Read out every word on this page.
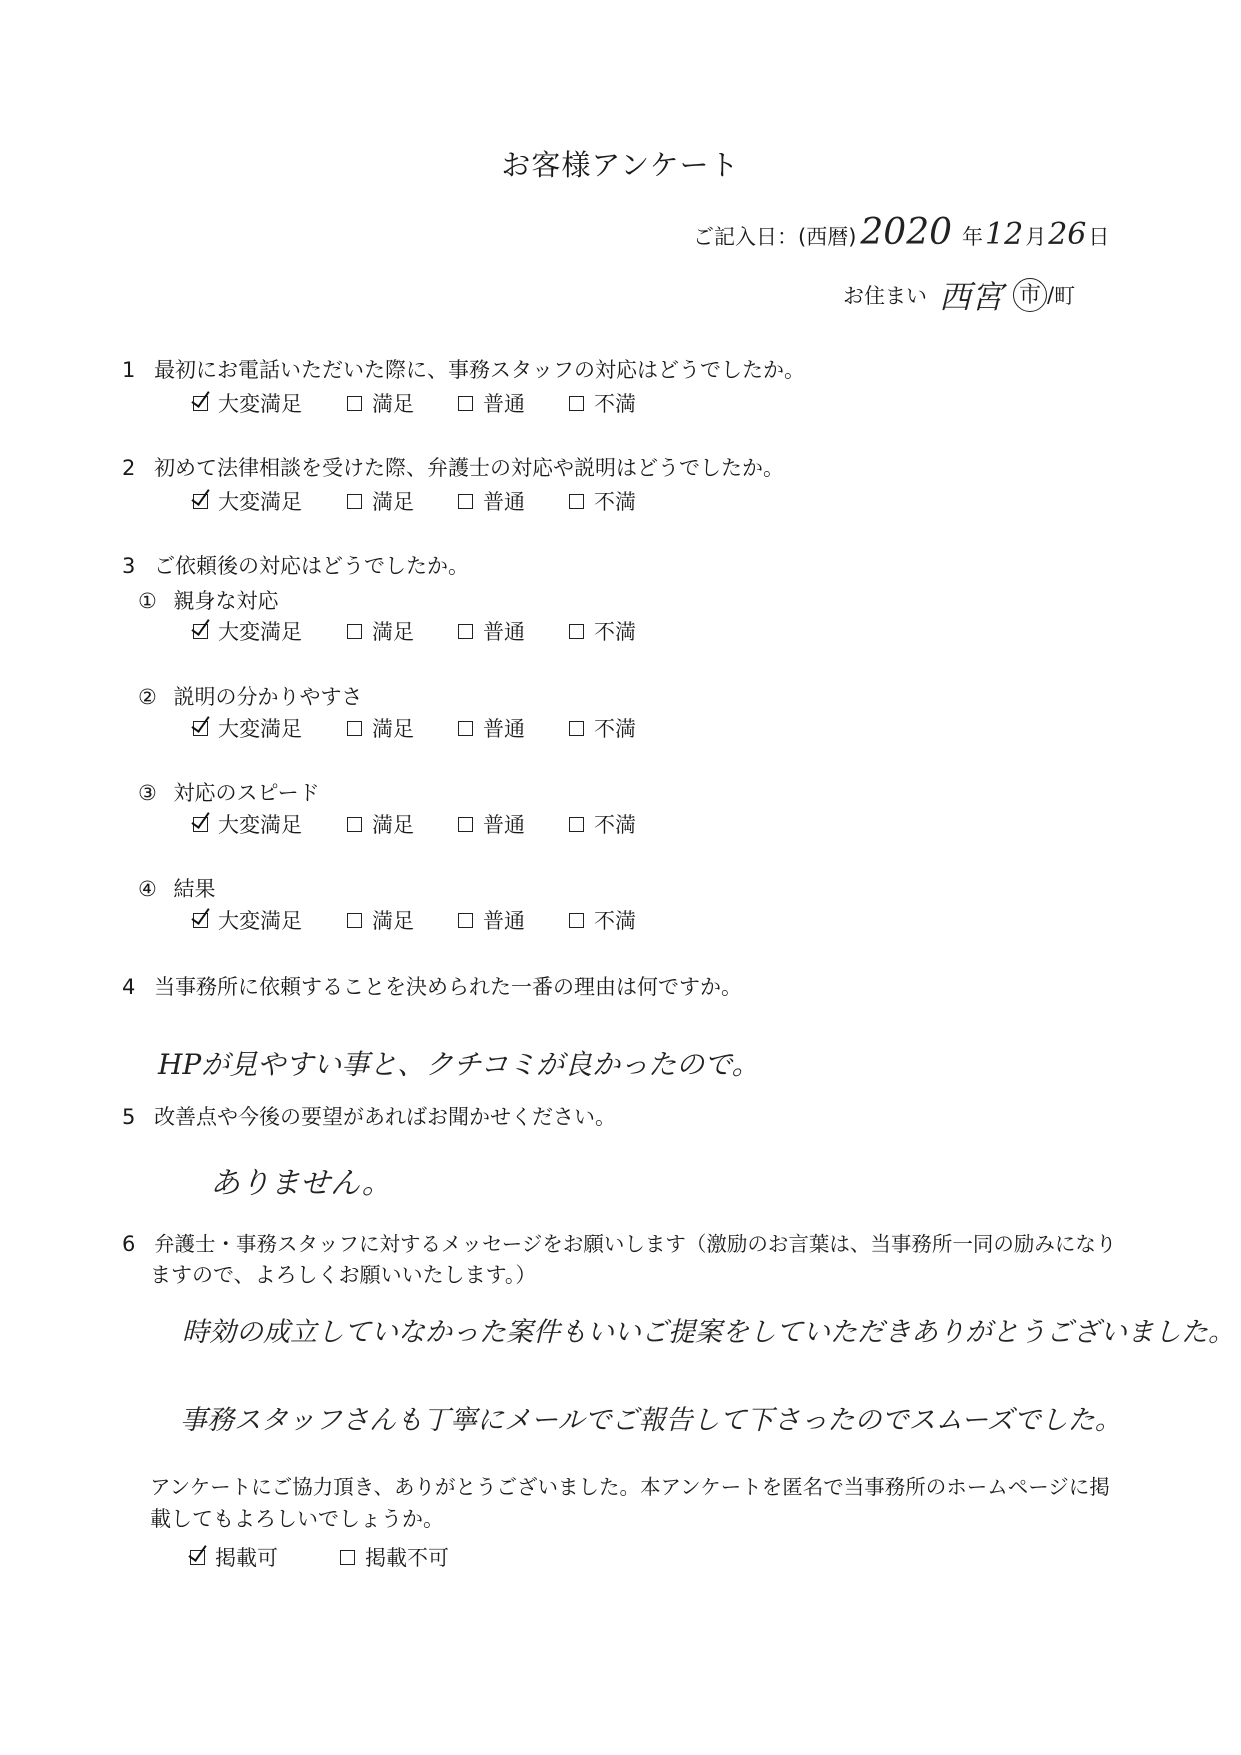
お客様アンケート
ご記入日：(西暦) 2020 年 12 月 26 日
お住まい 西宮 市 / 町
1 最初にお電話いただいた際に、事務スタッフの対応はどうでしたか。
大変満足	満足	普通	不満
2 初めて法律相談を受けた際、弁護士の対応や説明はどうでしたか。
大変満足	満足	普通	不満
3 ご依頼後の対応はどうでしたか。
① 親身な対応
大変満足	満足	普通	不満
② 説明の分かりやすさ
大変満足	満足	普通	不満
③ 対応のスピード
大変満足	満足	普通	不満
④ 結果
大変満足	満足	普通	不満
4 当事務所に依頼することを決められた一番の理由は何ですか。
HPが見やすい事と、クチコミが良かったので。
5 改善点や今後の要望があればお聞かせください。
ありません。
6 弁護士・事務スタッフに対するメッセージをお願いします（激励のお言葉は、当事務所一同の励みになり
ますので、よろしくお願いいたします。）
時効の成立していなかった案件もいいご提案をしていただきありがとうございました。
事務スタッフさんも丁寧にメールでご報告して下さったのでスムーズでした。
アンケートにご協力頂き、ありがとうございました。本アンケートを匿名で当事務所のホームページに掲
載してもよろしいでしょうか。
掲載可	掲載不可
